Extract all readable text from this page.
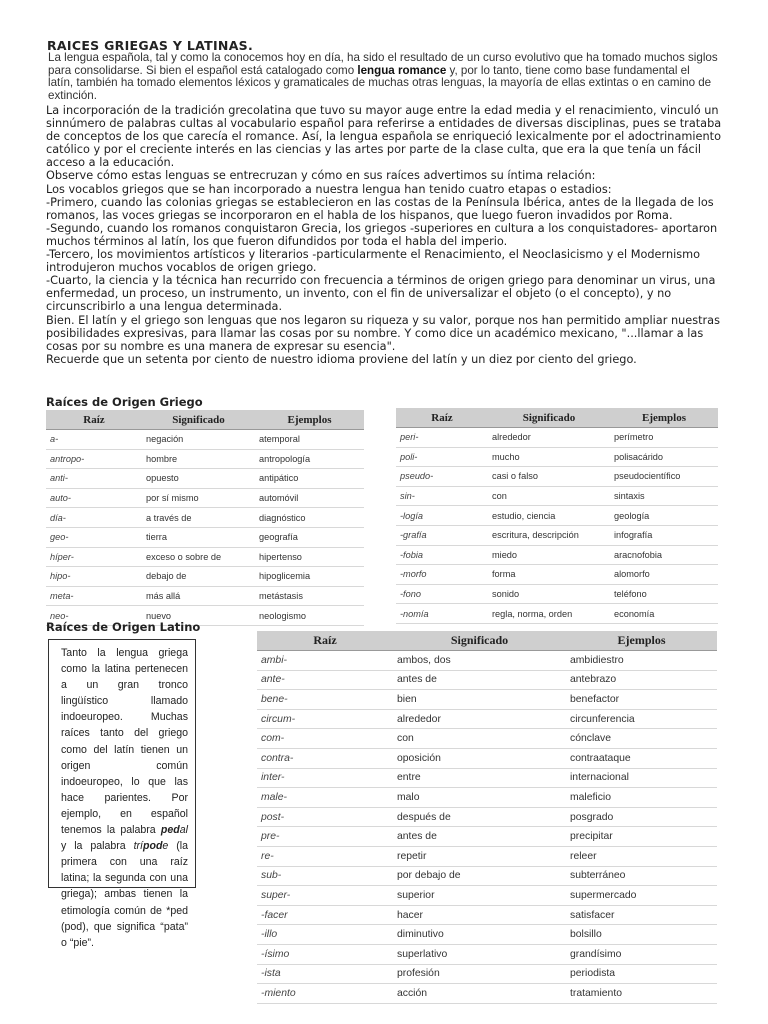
RAICES GRIEGAS Y LATINAS.
La lengua española, tal y como la conocemos hoy en día, ha sido el resultado de un curso evolutivo que ha tomado muchos siglos para consolidarse. Si bien el español está catalogado como lengua romance y, por lo tanto, tiene como base fundamental el latín, también ha tomado elementos léxicos y gramaticales de muchas otras lenguas, la mayoría de ellas extintas o en camino de extinción.

La incorporación de la tradición grecolatina que tuvo su mayor auge entre la edad media y el renacimiento, vinculó un sinnúmero de palabras cultas al vocabulario español para referirse a entidades de diversas disciplinas, pues se trataba de conceptos de los que carecía el romance. Así, la lengua española se enriqueció lexicalmente por el adoctrinamiento católico y por el creciente interés en las ciencias y las artes por parte de la clase culta, que era la que tenía un fácil acceso a la educación.

Observe cómo estas lenguas se entrecruzan y cómo en sus raíces advertimos su íntima relación:

Los vocablos griegos que se han incorporado a nuestra lengua han tenido cuatro etapas o estadios:

-Primero, cuando las colonias griegas se establecieron en las costas de la Península Ibérica, antes de la llegada de los romanos, las voces griegas se incorporaron en el habla de los hispanos, que luego fueron invadidos por Roma.

-Segundo, cuando los romanos conquistaron Grecia, los griegos -superiores en cultura a los conquistadores- aportaron muchos términos al latín, los que fueron difundidos por toda el habla del imperio.

-Tercero, los movimientos artísticos y literarios -particularmente el Renacimiento, el Neoclasicismo y el Modernismo introdujeron muchos vocablos de origen griego.

-Cuarto, la ciencia y la técnica han recurrido con frecuencia a términos de origen griego para denominar un virus, una enfermedad, un proceso, un instrumento, un invento, con el fin de universalizar el objeto (o el concepto), y no circunscribirlo a una lengua determinada.

Bien. El latín y el griego son lenguas que nos legaron su riqueza y su valor, porque nos han permitido ampliar nuestras posibilidades expresivas, para llamar las cosas por su nombre. Y como dice un académico mexicano, "...llamar a las cosas por su nombre es una manera de expresar su esencia".

Recuerde que un setenta por ciento de nuestro idioma proviene del latín y un diez por ciento del griego.

Raíces de Origen Griego
Raíz	Significado	Ejemplos
a-	negación	atemporal
antropo-	hombre	antropología
anti-	opuesto	antipático
auto-	por sí mismo	automóvil
día-	a través de	diagnóstico
geo-	tierra	geografía
híper-	exceso o sobre de	hipertenso
hipo-	debajo de	hipoglicemia
meta-	más allá	metástasis
neo-	nuevo	neologismo
Raíz	Significado	Ejemplos
peri-	alrededor	perímetro
poli-	mucho	polisacárido
pseudo-	casi o falso	pseudocientífico
sin-	con	sintaxis
-logía	estudio, ciencia	geología
-grafía	escritura, descripción	infografía
-fobia	miedo	aracnofobia
-morfo	forma	alomorfo
-fono	sonido	teléfono
-nomía	regla, norma, orden	economía
Raíces de Origen Latino
Tanto la lengua griega como la latina pertenecen a un gran tronco lingüístico llamado indoeuropeo. Muchas raíces tanto del griego como del latín tienen un origen común indoeuropeo, lo que las hace parientes. Por ejemplo, en español tenemos la palabra pedal y la palabra trípode (la primera con una raíz latina; la segunda con una griega); ambas tienen la etimología común de *ped (pod), que significa “pata” o “pie”.
Raíz	Significado	Ejemplos
ambi-	ambos, dos	ambidiestro
ante-	antes de	antebrazo
bene-	bien	benefactor
circum-	alrededor	circunferencia
com-	con	cónclave
contra-	oposición	contraataque
inter-	entre	internacional
male-	malo	maleficio
post-	después de	posgrado
pre-	antes de	precipitar
re-	repetir	releer
sub-	por debajo de	subterráneo
super-	superior	supermercado
-facer	hacer	satisfacer
-illo	diminutivo	bolsillo
-ísimo	superlativo	grandísimo
-ista	profesión	periodista
-miento	acción	tratamiento
